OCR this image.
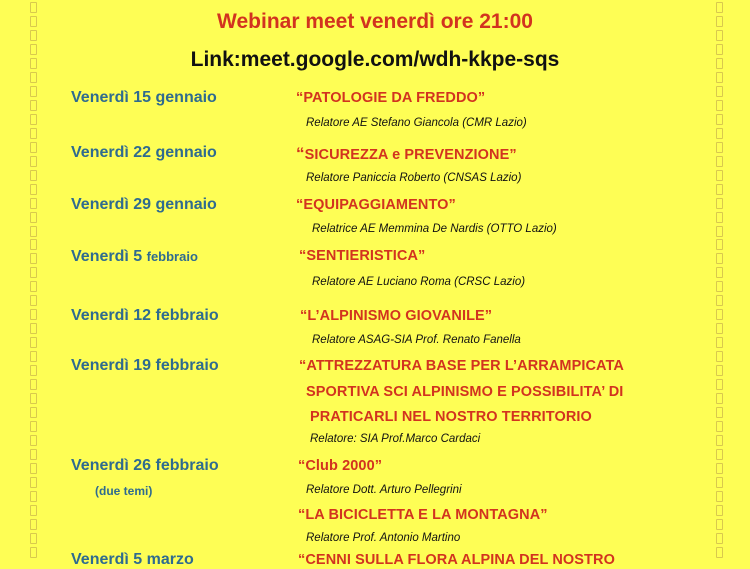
Webinar meet venerdì ore 21:00
Link:meet.google.com/wdh-kkpe-sqs
Venerdì 15 gennaio	“PATOLOGIE DA FREDDO”
Relatore AE Stefano Giancola (CMR Lazio)
Venerdì 22 gennaio	“SICUREZZA e PREVENZIONE”
Relatore Paniccia Roberto (CNSAS Lazio)
Venerdì 29 gennaio	“EQUIPAGGIAMENTO”
Relatrice AE Memmina De Nardis (OTTO Lazio)
Venerdì 5 febbraio	“SENTIERISTICA”
Relatore AE Luciano Roma (CRSC Lazio)
Venerdì 12 febbraio	“L’ALPINISMO GIOVANILE”
Relatore ASAG-SIA Prof. Renato Fanella
Venerdì 19 febbraio	“ATTREZZATURA BASE PER L’ARRAMPICATA
SPORTIVA SCI ALPINISMO E POSSIBILITA’ DI
PRATICARLI NEL NOSTRO TERRITORIO
Relatore: SIA Prof.Marco Cardaci
Venerdì 26 febbraio
(due temi)
“Club 2000”
Relatore Dott. Arturo Pellegrini
“LA BICICLETTA E LA MONTAGNA”
Relatore Prof. Antonio Martino
Venerdì 5 marzo	“CENNI SULLA FLORA ALPINA DEL NOSTRO
